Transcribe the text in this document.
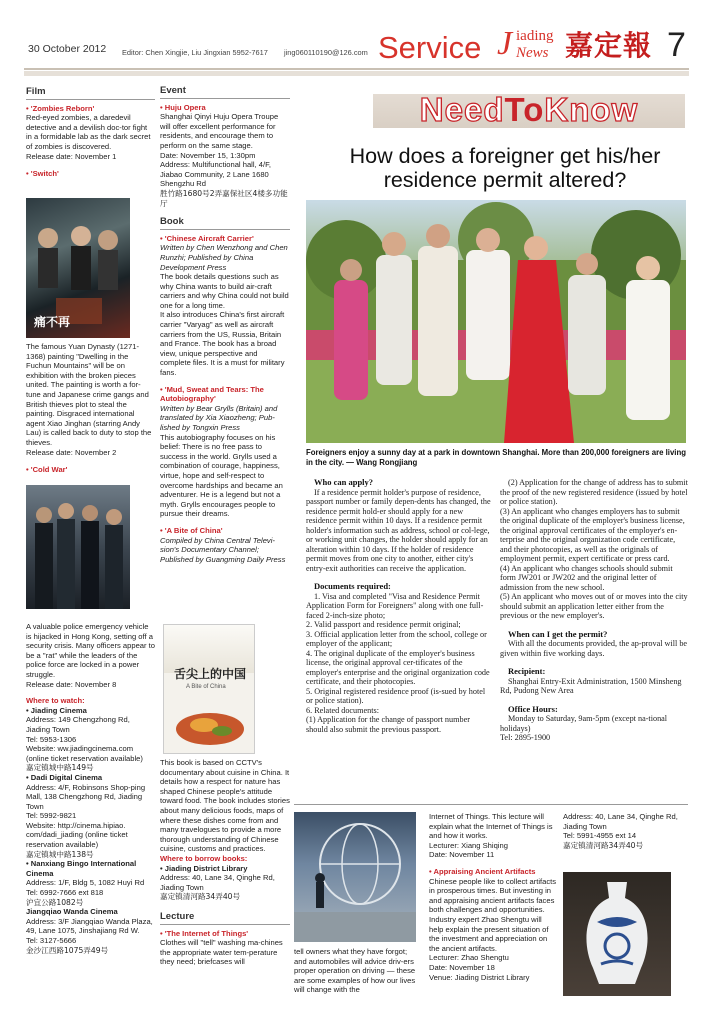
30 October 2012 Editor: Chen Xingjie, Liu Jingxian 5952-7617 jing060110190@126.com Service J iading
News 嘉定報 7
Film
• 'Zombies Reborn'
Red-eyed zombies, a daredevil detective and a devilish doc-tor fight in a formidable lab as the dark secret of zombies is discovered.
Release date: November 1
• 'Switch'
痛不再
The famous Yuan Dynasty (1271-1368) painting "Dwelling in the Fuchun Mountains" will be on exhibition with the broken pieces united. The painting is worth a for-tune and Japanese crime gangs and British thieves plot to steal the painting. Disgraced international agent Xiao Jinghan (starring Andy Lau) is called back to duty to stop the thieves.
Release date: November 2
• 'Cold War'
A valuable police emergency vehicle is hijacked in Hong Kong, setting off a security crisis. Many officers appear to be a "rat" while the leaders of the police force are locked in a power struggle.
Release date: November 8
Where to watch:
• Jiading Cinema
Address: 149 Chengzhong Rd, Jiading Town
Tel: 5953-1306
Website: ww.jiadingcinema.com (online ticket reservation available)
嘉定镇城中路149号
• Dadi Digital Cinema
Address: 4/F, Robinsons Shop-ping Mall, 138 Chengzhong Rd, Jiading Town
Tel: 5992-9821
Website: http://cinema.hipiao. com/dadi_jiading (online ticket reservation available)
嘉定镇城中路138号
• Nanxiang Bingo International Cinema
Address: 1/F, Bldg 5, 1082 Huyi Rd
Tel: 6992-7666 ext 818
沪宜公路1082号
Jiangqiao Wanda Cinema
Address: 3/F Jiangqiao Wanda Plaza, 49, Lane 1075, Jinshajiang Rd W.
Tel: 3127-5666
金沙江西路1075弄49号
Event
• Huju Opera
Shanghai Qinyi Huju Opera Troupe will offer excellent performance for residents, and encourage them to perform on the same stage.
Date: November 15, 1:30pm
Address: Multifunctional hall, 4/F, Jiabao Community, 2 Lane 1680 Shengzhu Rd
胜竹路1680号2弄嘉保社区4楼多功能厅
Book
• 'Chinese Aircraft Carrier'
Written by Chen Wenzhong and Chen Runzhi; Published by China Development Press
The book details questions such as why China wants to build air-craft carriers and why China could not build one for a long time.
It also introduces China's first aircraft carrier "Varyag" as well as aircraft carriers from the US, Russia, Britain and France. The book has a broad view, unique perspective and complete files. It is a must for military fans.
• 'Mud, Sweat and Tears: The Autobiography'
Written by Bear Grylls (Britain) and translated by Xia Xiaozheng; Pub-lished by Tongxin Press
This autobiography focuses on his belief: There is no free pass to success in the world. Grylls used a combination of courage, happiness, virtue, hope and self-respect to overcome hardships and became an adventurer. He is a legend but not a myth. Grylls encourages people to pursue their dreams.
• 'A Bite of China'
Compiled by China Central Televi-sion's Documentary Channel; Published by Guangming Daily Press
舌尖上的中国
A Bite of China
This book is based on CCTV's documentary about cuisine in China. It details how a respect for nature has shaped Chinese people's attitude toward food. The book includes stories about many delicious foods, maps of where these dishes come from and many travelogues to provide a more thorough understanding of Chinese cuisine, customs and practices.
Where to borrow books:
• Jiading District Library
Address: 40, Lane 34, Qinghe Rd, Jiading Town
嘉定镇清河路34弄40号
Lecture
• 'The Internet of Things'
Clothes will "tell" washing ma-chines the appropriate water tem-perature they need; briefcases will
NeedToKnow
How does a foreigner get his/her residence permit altered?
Foreigners enjoy a sunny day at a park in downtown Shanghai. More than 200,000 foreigners are living in the city. — Wang Rongjiang
Who can apply?
If a residence permit holder's purpose of residence, passport number or family depen-dents has changed, the residence permit hold-er should apply for a new residence permit within 10 days. If a residence permit holder's information such as address, school or col-lege, or working unit changes, the holder should apply for an alteration within 10 days. If the holder of residence permit moves from one city to another, either city's entry-exit authorities can receive the application.
Documents required:
1. Visa and completed "Visa and Residence Permit Application Form for Foreigners" along with one full-faced 2-inch-size photo;
2. Valid passport and residence permit original;
3. Official application letter from the school, college or employer of the applicant;
4. The original duplicate of the employer's business license, the original approval cer-tificates of the employer's enterprise and the original organization code certificate, and their photocopies.
5. Original registered residence proof (is-sued by hotel or police station).
6. Related documents:
(1) Application for the change of passport number should also submit the previous passport.
(2) Application for the change of address has to submit the proof of the new registered residence (issued by hotel or police station).
(3) An applicant who changes employers has to submit the original duplicate of the employer's business license, the original approval certificates of the employer's en-terprise and the original organization code certificate, and their photocopies, as well as the originals of employment permit, expert certificate or press card.
(4) An applicant who changes schools should submit form JW201 or JW202 and the original letter of admission from the new school.
(5) An applicant who moves out of or moves into the city should submit an application letter either from the previous or the new employer's.
When can I get the permit?
With all the documents provided, the ap-proval will be given within five working days.
Recipient:
Shanghai Entry-Exit Administration, 1500 Minsheng Rd, Pudong New Area
Office Hours:
Monday to Saturday, 9am-5pm (except na-tional holidays)
Tel: 2895-1900
tell owners what they have forgot; and automobiles will advice driv-ers proper operation on driving — these are some examples of how our lives will change with the
Internet of Things. This lecture will explain what the Internet of Things is and how it works.
Lecturer: Xiang Shiqing
Date: November 11
• Appraising Ancient Artifacts
Chinese people like to collect artifacts in prosperous times. But investing in and appraising ancient artifacts faces both challenges and opportunities. Industry expert Zhao Shengtu will help explain the present situation of the investment and appreciation on the ancient artifacts.
Lecturer: Zhao Shengtu
Date: November 18
Venue: Jiading District Library
Address: 40, Lane 34, Qinghe Rd, Jiading Town
Tel: 5991-4955 ext 14
嘉定镇清河路34弄40号
